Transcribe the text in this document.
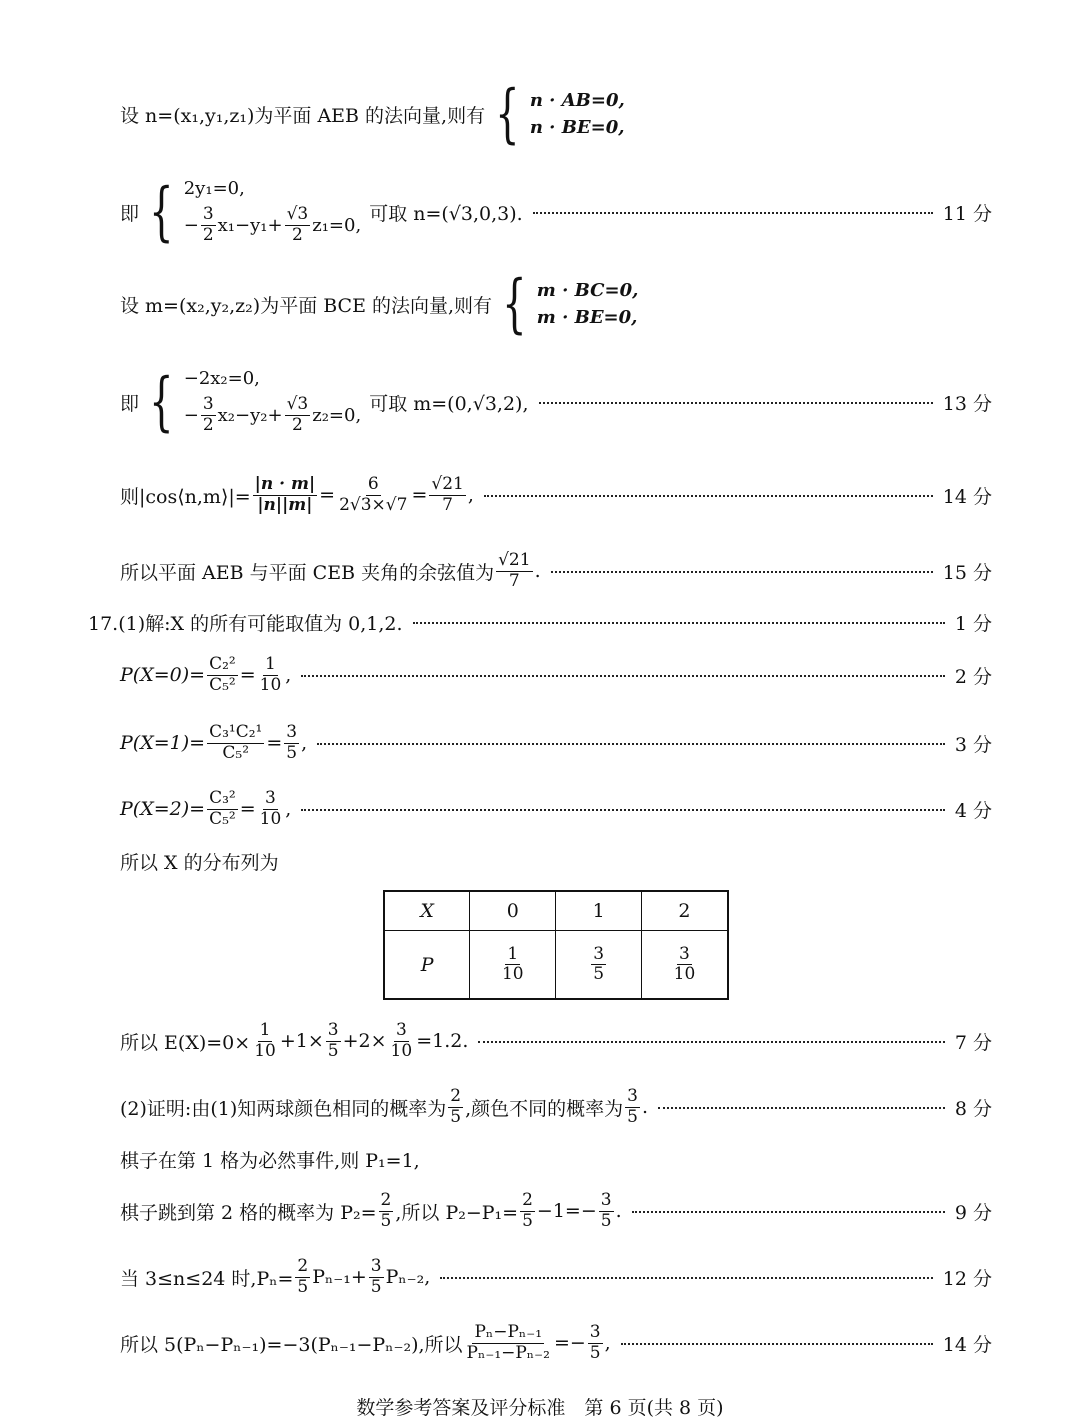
设 n=(x₁,y₁,z₁)为平面 AEB 的法向量,则有 { n · AB=0,
n · BE=0,
即 { 2y₁=0,
− $\frac{3}{2} x_1-y_1+ \frac{√3}{2} z_1=0$,
可取 n=(√3,0,3).	11 分
设 m=(x₂,y₂,z₂)为平面 BCE 的法向量,则有 { m · BC=0,
m · BE=0,
即 { −2x₂=0,
− $\frac{3}{2} x_2-y_2+ \frac{√3}{2} z_2=0$,
可取 m=(0,√3,2),	13 分
则|cos⟨n,m⟩|= $\frac{|n \cdot m|}{|n||m|} = \frac{6}{2√3\times√7} = \frac{√21}{7}$ ,	14 分
所以平面 AEB 与平面 CEB 夹角的余弦值为 $\frac{√21}{7}$ .	15 分
17.(1)解:X 的所有可能取值为 0,1,2.	1 分
$P(X=0)= \frac{\text{C₂²}}{\text{C₅²}} = \frac{1}{10}$ ,	2 分
$P(X=1)= \frac{\text{C₃¹C₂¹}}{\text{C₅²}} = \frac{3}{5}$ ,	3 分
$P(X=2)= \frac{\text{C₃²}}{\text{C₅²}} = \frac{3}{10}$ ,	4 分
所以 X 的分布列为
X	0	1	2
P	$\frac{1}{10}$	$\frac{3}{5}$	$\frac{3}{10}$
所以 $E(X)=0\times \frac{1}{10} +1\times \frac{3}{5} +2\times \frac{3}{10} =1.2$.	7 分
(2)证明:由(1)知两球颜色相同的概率为 $\frac{2}{5}$ ,颜色不同的概率为 $\frac{3}{5}$ .	8 分
棋子在第 1 格为必然事件,则 P₁=1,
棋子跳到第 2 格的概率为 $P_2= \frac{2}{5}$ ,所以 $P_2-P_1= \frac{2}{5} -1=- \frac{3}{5}$ .	9 分
当 3≤n≤24 时$,P_n= \frac{2}{5} P_{n-1}+ \frac{3}{5} P_{n-2}$,	12 分
所以 5(Pₙ−Pₙ₋₁)=−3(Pₙ₋₁−Pₙ₋₂),所以 $\frac{\text{Pₙ−Pₙ₋₁}}{\text{Pₙ₋₁−Pₙ₋₂}} =- \frac{3}{5}$ ,	14 分
数学参考答案及评分标准　第 6 页(共 8 页)
